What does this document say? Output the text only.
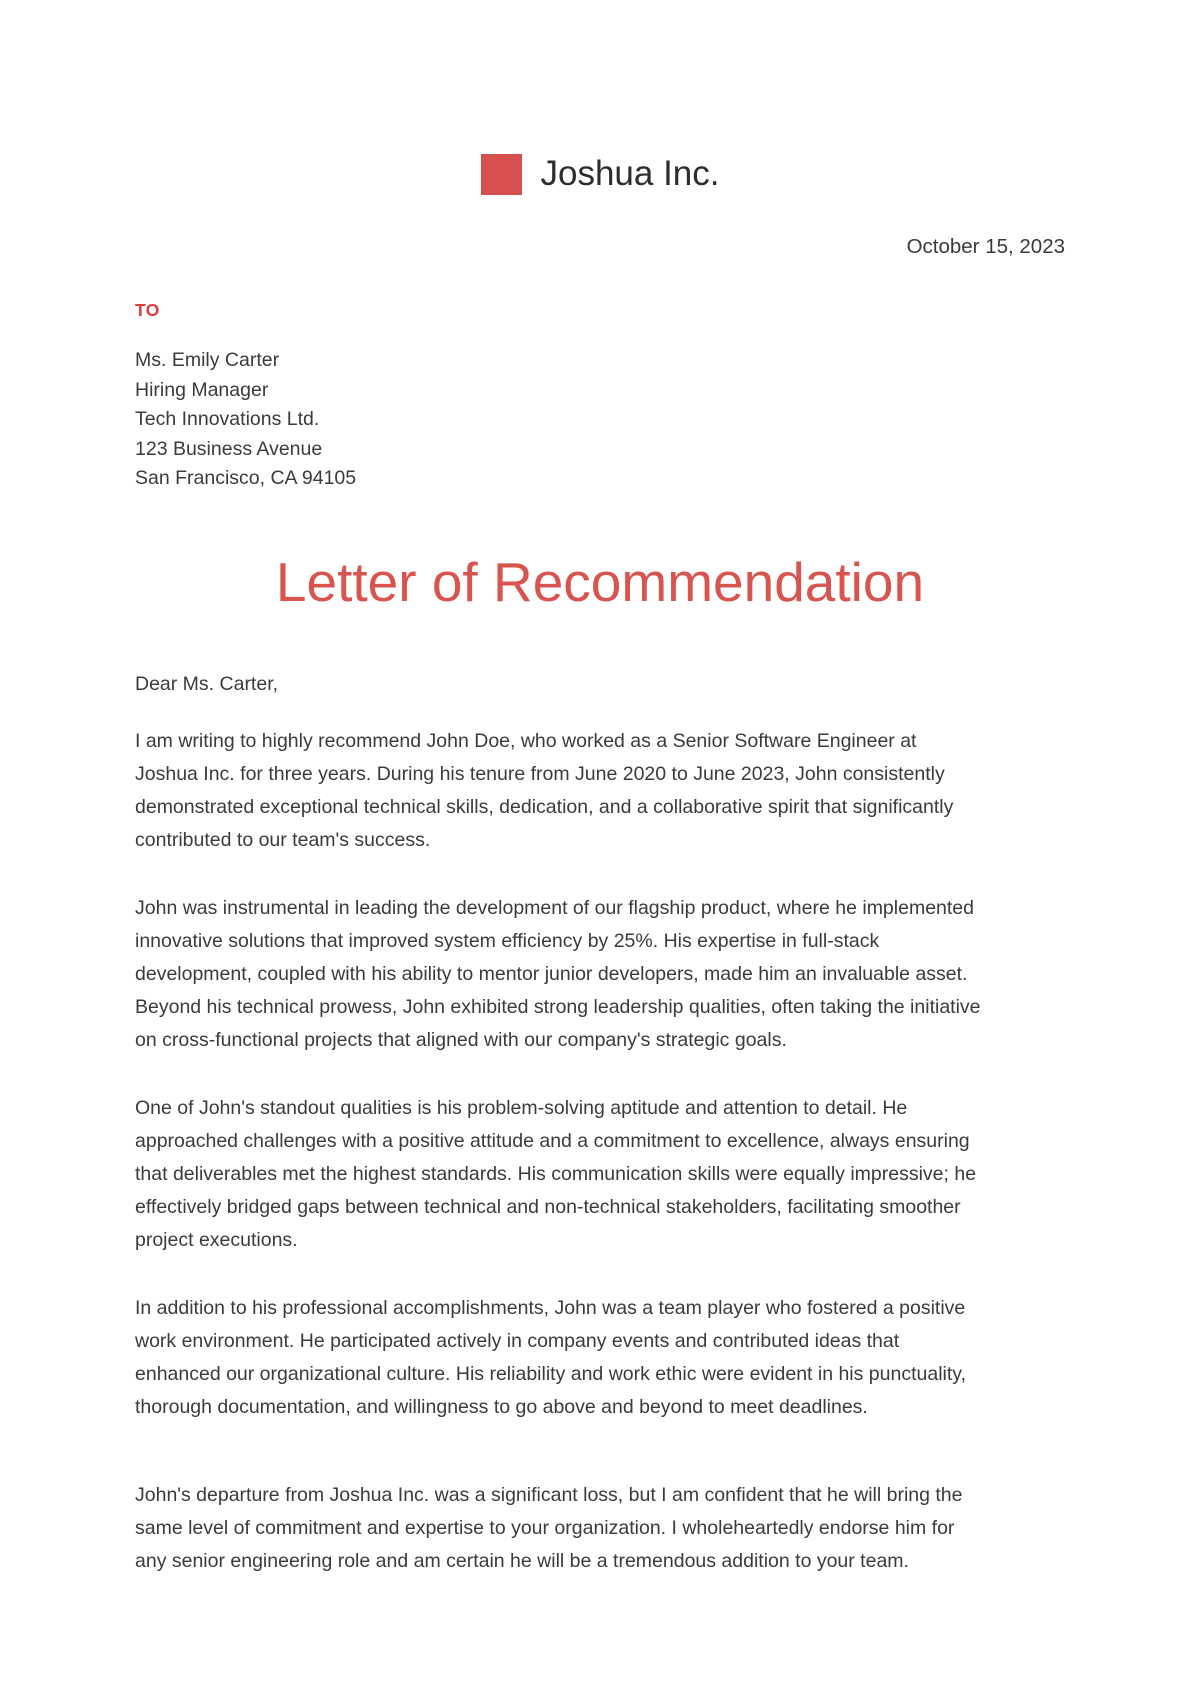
Joshua Inc.
October 15, 2023
TO
Ms. Emily Carter
Hiring Manager
Tech Innovations Ltd.
123 Business Avenue
San Francisco, CA 94105
Letter of Recommendation

Dear Ms. Carter,

I am writing to highly recommend John Doe, who worked as a Senior Software Engineer at Joshua Inc. for three years. During his tenure from June 2020 to June 2023, John consistently demonstrated exceptional technical skills, dedication, and a collaborative spirit that significantly contributed to our team's success.

John was instrumental in leading the development of our flagship product, where he implemented innovative solutions that improved system efficiency by 25%. His expertise in full-stack development, coupled with his ability to mentor junior developers, made him an invaluable asset. Beyond his technical prowess, John exhibited strong leadership qualities, often taking the initiative on cross-functional projects that aligned with our company's strategic goals.

One of John's standout qualities is his problem-solving aptitude and attention to detail. He approached challenges with a positive attitude and a commitment to excellence, always ensuring that deliverables met the highest standards. His communication skills were equally impressive; he effectively bridged gaps between technical and non-technical stakeholders, facilitating smoother project executions.

In addition to his professional accomplishments, John was a team player who fostered a positive work environment. He participated actively in company events and contributed ideas that enhanced our organizational culture. His reliability and work ethic were evident in his punctuality, thorough documentation, and willingness to go above and beyond to meet deadlines.

John's departure from Joshua Inc. was a significant loss, but I am confident that he will bring the same level of commitment and expertise to your organization. I wholeheartedly endorse him for any senior engineering role and am certain he will be a tremendous addition to your team.
